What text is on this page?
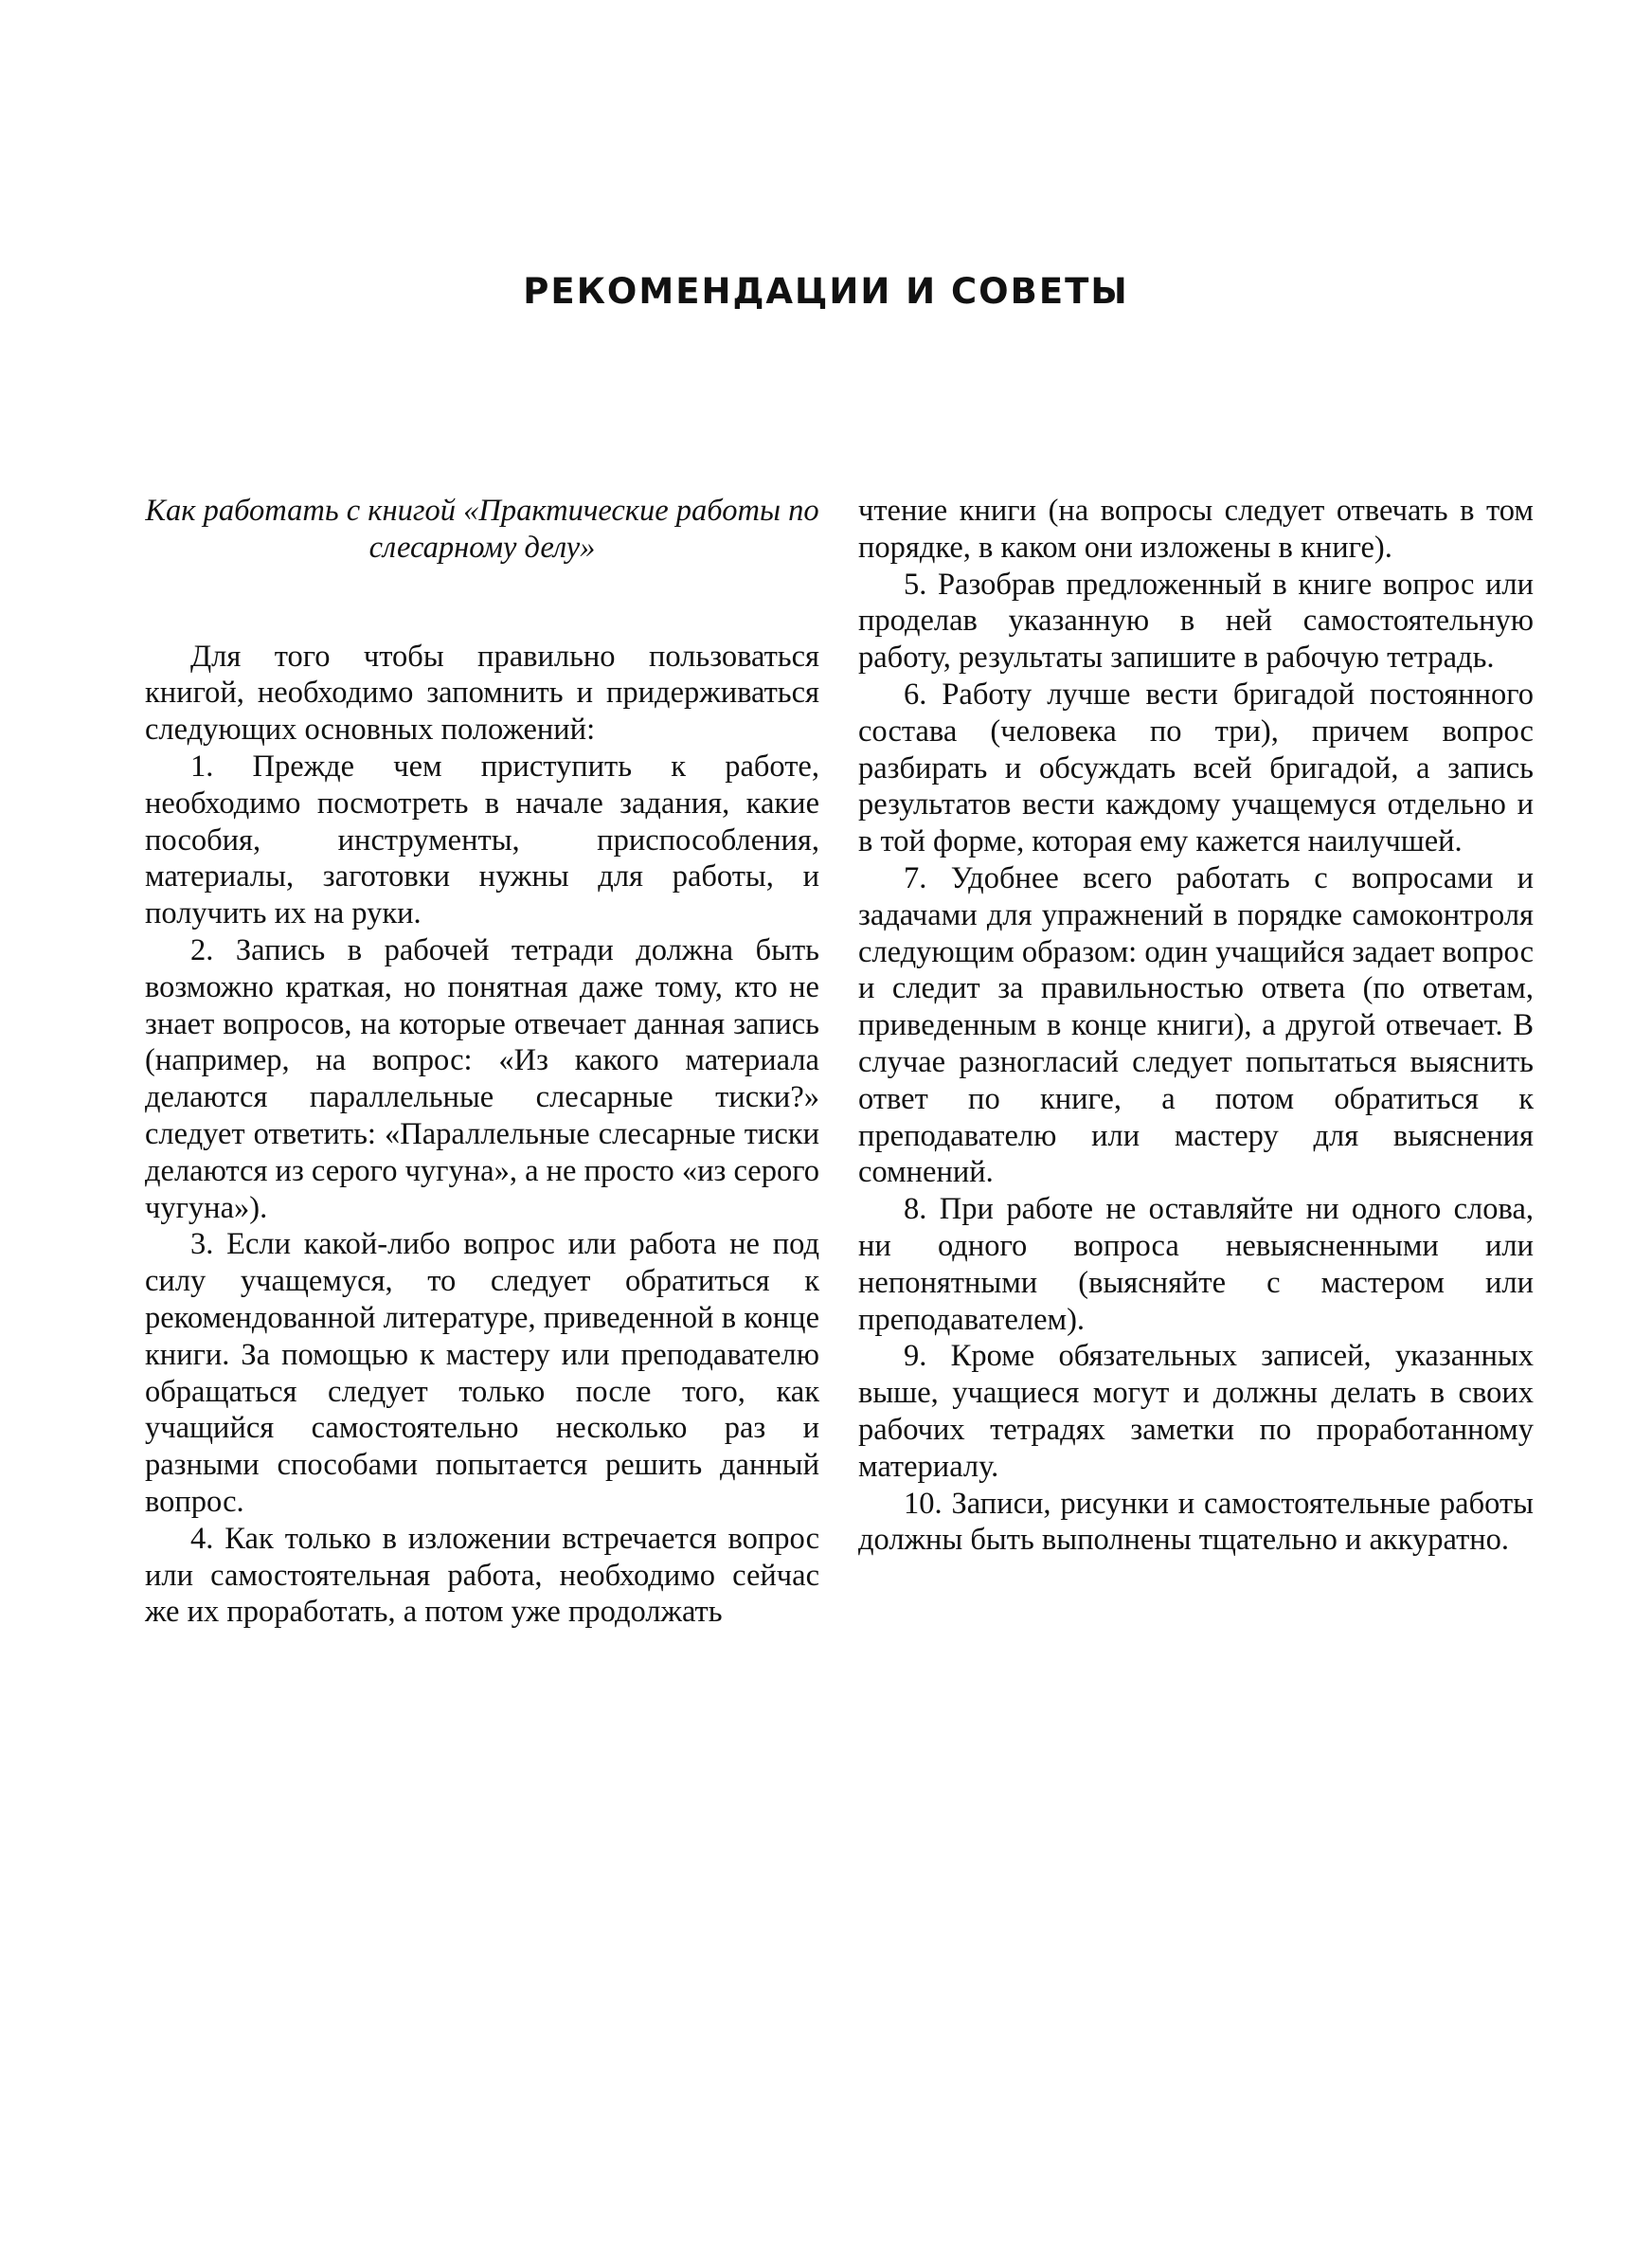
РЕКОМЕНДАЦИИ И СОВЕТЫ

Как работать с книгой «Практические работы по слесарному делу»

Для того чтобы правильно пользоваться книгой, необходимо запомнить и придерживаться следующих основных положений:

1. Прежде чем приступить к работе, необходимо посмотреть в начале задания, какие пособия, инструменты, приспособления, материалы, заготовки нужны для работы, и получить их на руки.

2. Запись в рабочей тетради должна быть возможно краткая, но понятная даже тому, кто не знает вопросов, на которые отвечает данная запись (например, на вопрос: «Из какого материала делаются параллельные слесарные тиски?» следует ответить: «Параллельные слесарные тиски делаются из серого чугуна», а не просто «из серого чугуна»).

3. Если какой-либо вопрос или работа не под силу учащемуся, то следует обратиться к рекомендованной литературе, приведенной в конце книги. За помощью к мастеру или преподавателю обращаться следует только после того, как учащийся самостоятельно несколько раз и разными способами попытается решить данный вопрос.

4. Как только в изложении встречается вопрос или самостоятельная работа, необходимо сейчас же их проработать, а потом уже продолжать

чтение книги (на вопросы следует отвечать в том порядке, в каком они изложены в книге).

5. Разобрав предложенный в книге вопрос или проделав указанную в ней самостоятельную работу, результаты запишите в рабочую тетрадь.

6. Работу лучше вести бригадой постоянного состава (человека по три), причем вопрос разбирать и обсуждать всей бригадой, а запись результатов вести каждому учащемуся отдельно и в той форме, которая ему кажется наилучшей.

7. Удобнее всего работать с вопросами и задачами для упражнений в порядке самоконтроля следующим образом: один учащийся задает вопрос и следит за правильностью ответа (по ответам, приведенным в конце книги), а другой отвечает. В случае разногласий следует попытаться выяснить ответ по книге, а потом обратиться к преподавателю или мастеру для выяснения сомнений.

8. При работе не оставляйте ни одного слова, ни одного вопроса невыясненными или непонятными (выясняйте с мастером или преподавателем).

9. Кроме обязательных записей, указанных выше, учащиеся могут и должны делать в своих рабочих тетрадях заметки по проработанному материалу.

10. Записи, рисунки и самостоятельные работы должны быть выполнены тщательно и аккуратно.
